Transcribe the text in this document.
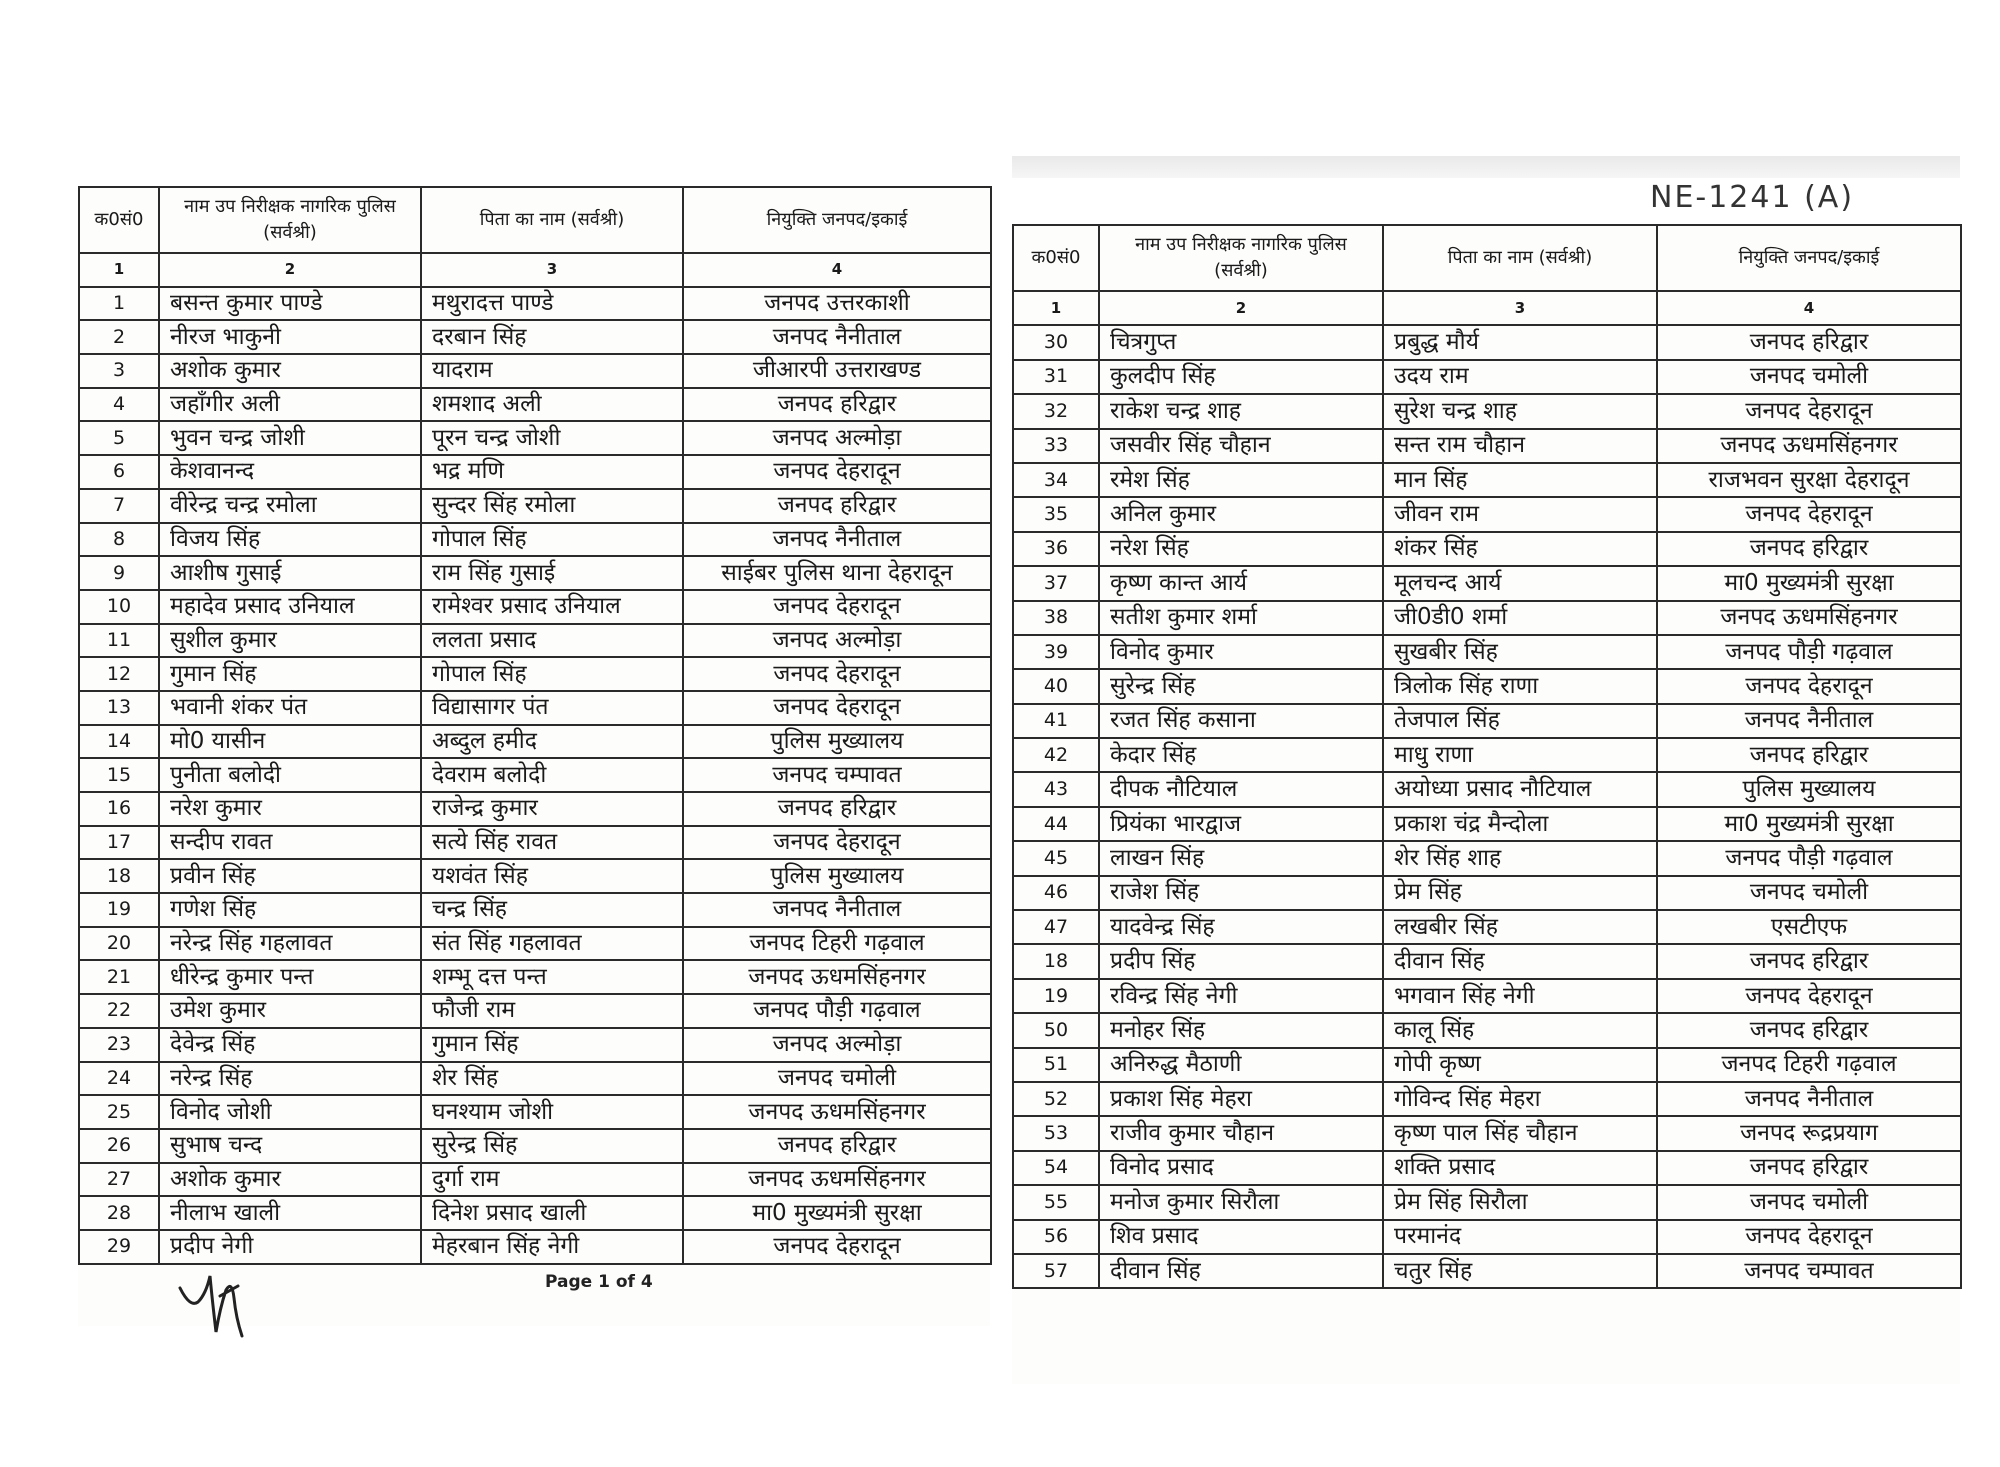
क0सं0	नाम उप निरीक्षक नागरिक पुलिस (सर्वश्री)	पिता का नाम (सर्वश्री)	नियुक्ति जनपद/इकाई
1	2	3	4
1	बसन्त कुमार पाण्डे	मथुरादत्त पाण्डे	जनपद उत्तरकाशी
2	नीरज भाकुनी	दरबान सिंह	जनपद नैनीताल
3	अशोक कुमार	यादराम	जीआरपी उत्तराखण्ड
4	जहाँगीर अली	शमशाद अली	जनपद हरिद्वार
5	भुवन चन्द्र जोशी	पूरन चन्द्र जोशी	जनपद अल्मोड़ा
6	केशवानन्द	भद्र मणि	जनपद देहरादून
7	वीरेन्द्र चन्द्र रमोला	सुन्दर सिंह रमोला	जनपद हरिद्वार
8	विजय सिंह	गोपाल सिंह	जनपद नैनीताल
9	आशीष गुसाई	राम सिंह गुसाई	साईबर पुलिस थाना देहरादून
10	महादेव प्रसाद उनियाल	रामेश्वर प्रसाद उनियाल	जनपद देहरादून
11	सुशील कुमार	ललता प्रसाद	जनपद अल्मोड़ा
12	गुमान सिंह	गोपाल सिंह	जनपद देहरादून
13	भवानी शंकर पंत	विद्यासागर पंत	जनपद देहरादून
14	मो0 यासीन	अब्दुल हमीद	पुलिस मुख्यालय
15	पुनीता बलोदी	देवराम बलोदी	जनपद चम्पावत
16	नरेश कुमार	राजेन्द्र कुमार	जनपद हरिद्वार
17	सन्दीप रावत	सत्ये सिंह रावत	जनपद देहरादून
18	प्रवीन सिंह	यशवंत सिंह	पुलिस मुख्यालय
19	गणेश सिंह	चन्द्र सिंह	जनपद नैनीताल
20	नरेन्द्र सिंह गहलावत	संत सिंह गहलावत	जनपद टिहरी गढ़वाल
21	धीरेन्द्र कुमार पन्त	शम्भू दत्त पन्त	जनपद ऊधमसिंहनगर
22	उमेश कुमार	फौजी राम	जनपद पौड़ी गढ़वाल
23	देवेन्द्र सिंह	गुमान सिंह	जनपद अल्मोड़ा
24	नरेन्द्र सिंह	शेर सिंह	जनपद चमोली
25	विनोद जोशी	घनश्याम जोशी	जनपद ऊधमसिंहनगर
26	सुभाष चन्द	सुरेन्द्र सिंह	जनपद हरिद्वार
27	अशोक कुमार	दुर्गा राम	जनपद ऊधमसिंहनगर
28	नीलाभ खाली	दिनेश प्रसाद खाली	मा0 मुख्यमंत्री सुरक्षा
29	प्रदीप नेगी	मेहरबान सिंह नेगी	जनपद देहरादून
NE-1241 (A)
क0सं0	नाम उप निरीक्षक नागरिक पुलिस (सर्वश्री)	पिता का नाम (सर्वश्री)	नियुक्ति जनपद/इकाई
1	2	3	4
30	चित्रगुप्त	प्रबुद्ध मौर्य	जनपद हरिद्वार
31	कुलदीप सिंह	उदय राम	जनपद चमोली
32	राकेश चन्द्र शाह	सुरेश चन्द्र शाह	जनपद देहरादून
33	जसवीर सिंह चौहान	सन्त राम चौहान	जनपद ऊधमसिंहनगर
34	रमेश सिंह	मान सिंह	राजभवन सुरक्षा देहरादून
35	अनिल कुमार	जीवन राम	जनपद देहरादून
36	नरेश सिंह	शंकर सिंह	जनपद हरिद्वार
37	कृष्ण कान्त आर्य	मूलचन्द आर्य	मा0 मुख्यमंत्री सुरक्षा
38	सतीश कुमार शर्मा	जी0डी0 शर्मा	जनपद ऊधमसिंहनगर
39	विनोद कुमार	सुखबीर सिंह	जनपद पौड़ी गढ़वाल
40	सुरेन्द्र सिंह	त्रिलोक सिंह राणा	जनपद देहरादून
41	रजत सिंह कसाना	तेजपाल सिंह	जनपद नैनीताल
42	केदार सिंह	माधु राणा	जनपद हरिद्वार
43	दीपक नौटियाल	अयोध्या प्रसाद नौटियाल	पुलिस मुख्यालय
44	प्रियंका भारद्वाज	प्रकाश चंद्र मैन्दोला	मा0 मुख्यमंत्री सुरक्षा
45	लाखन सिंह	शेर सिंह शाह	जनपद पौड़ी गढ़वाल
46	राजेश सिंह	प्रेम सिंह	जनपद चमोली
47	यादवेन्द्र सिंह	लखबीर सिंह	एसटीएफ
18	प्रदीप सिंह	दीवान सिंह	जनपद हरिद्वार
19	रविन्द्र सिंह नेगी	भगवान सिंह नेगी	जनपद देहरादून
50	मनोहर सिंह	कालू सिंह	जनपद हरिद्वार
51	अनिरुद्ध मैठाणी	गोपी कृष्ण	जनपद टिहरी गढ़वाल
52	प्रकाश सिंह मेहरा	गोविन्द सिंह मेहरा	जनपद नैनीताल
53	राजीव कुमार चौहान	कृष्ण पाल सिंह चौहान	जनपद रूद्रप्रयाग
54	विनोद प्रसाद	शक्ति प्रसाद	जनपद हरिद्वार
55	मनोज कुमार सिरौला	प्रेम सिंह सिरौला	जनपद चमोली
56	शिव प्रसाद	परमानंद	जनपद देहरादून
57	दीवान सिंह	चतुर सिंह	जनपद चम्पावत
Page 1 of 4
